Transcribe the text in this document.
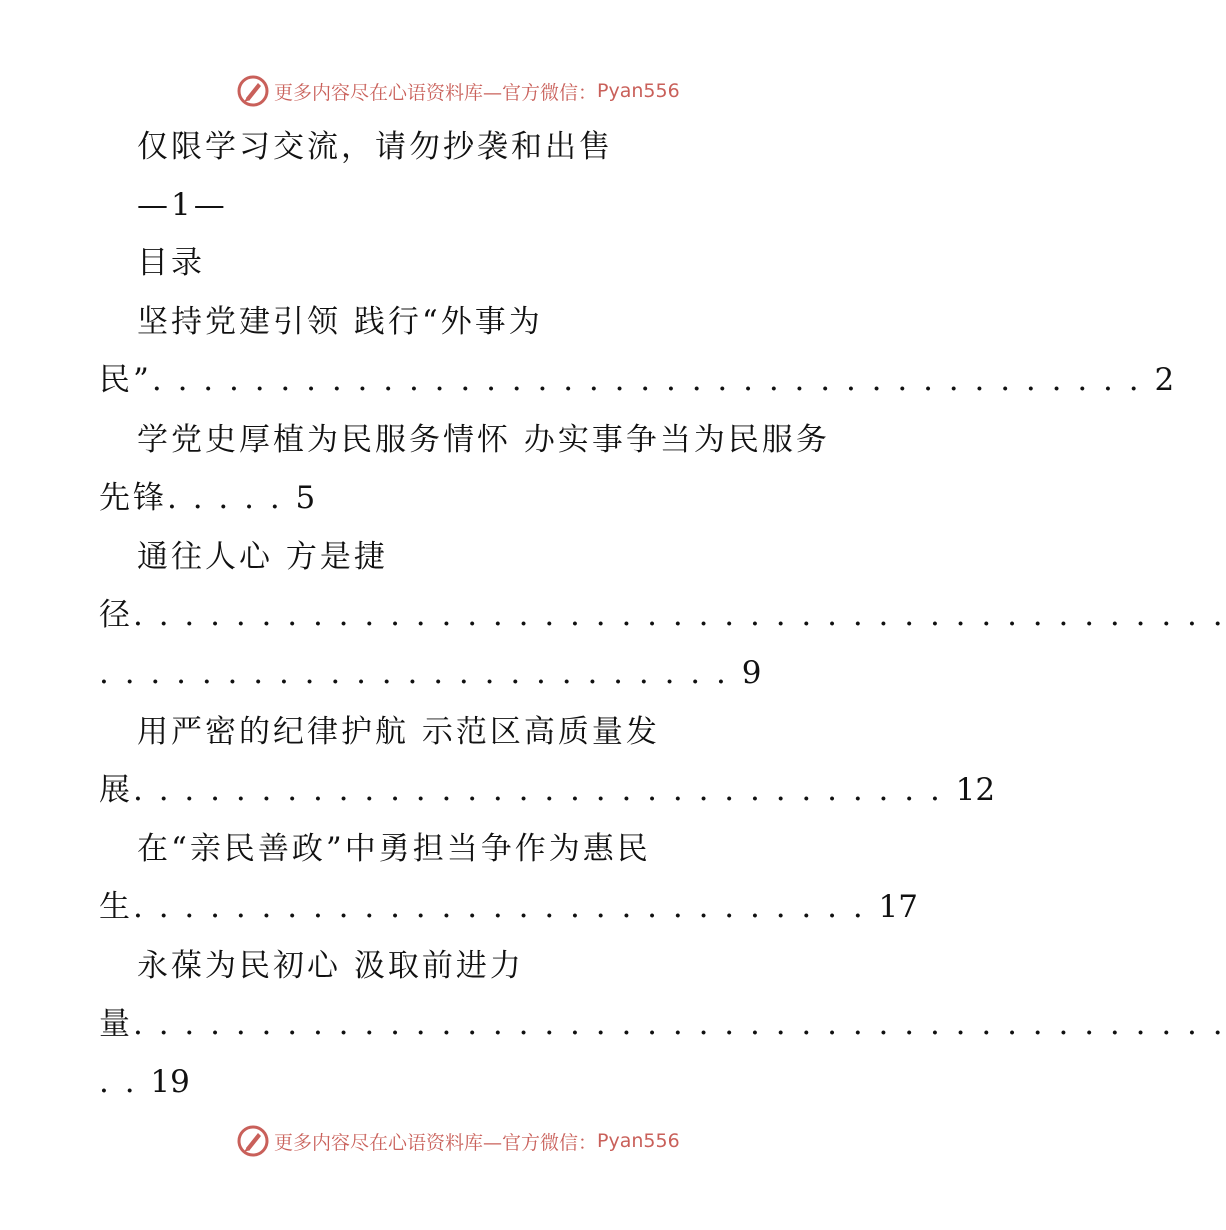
更多内容尽在心语资料库—官方微信： Pyan556
仅限学习交流，请勿抄袭和出售
—1—
目录
坚持党建引领 践行“外事为
民”. . . . . . . . . . . . . . . . . . . . . . . . . . . . . . . . . . . . . . . 2
学党史厚植为民服务情怀 办实事争当为民服务
先锋. . . . . 5
通往人心 方是捷
径. . . . . . . . . . . . . . . . . . . . . . . . . . . . . . . . . . . . . . . . . . .
. . . . . . . . . . . . . . . . . . . . . . . . . 9
用严密的纪律护航 示范区高质量发
展. . . . . . . . . . . . . . . . . . . . . . . . . . . . . . . . 12
在“亲民善政”中勇担当争作为惠民
生. . . . . . . . . . . . . . . . . . . . . . . . . . . . . 17
永葆为民初心 汲取前进力
量. . . . . . . . . . . . . . . . . . . . . . . . . . . . . . . . . . . . . . . . . . .
. . 19
更多内容尽在心语资料库—官方微信： Pyan556
